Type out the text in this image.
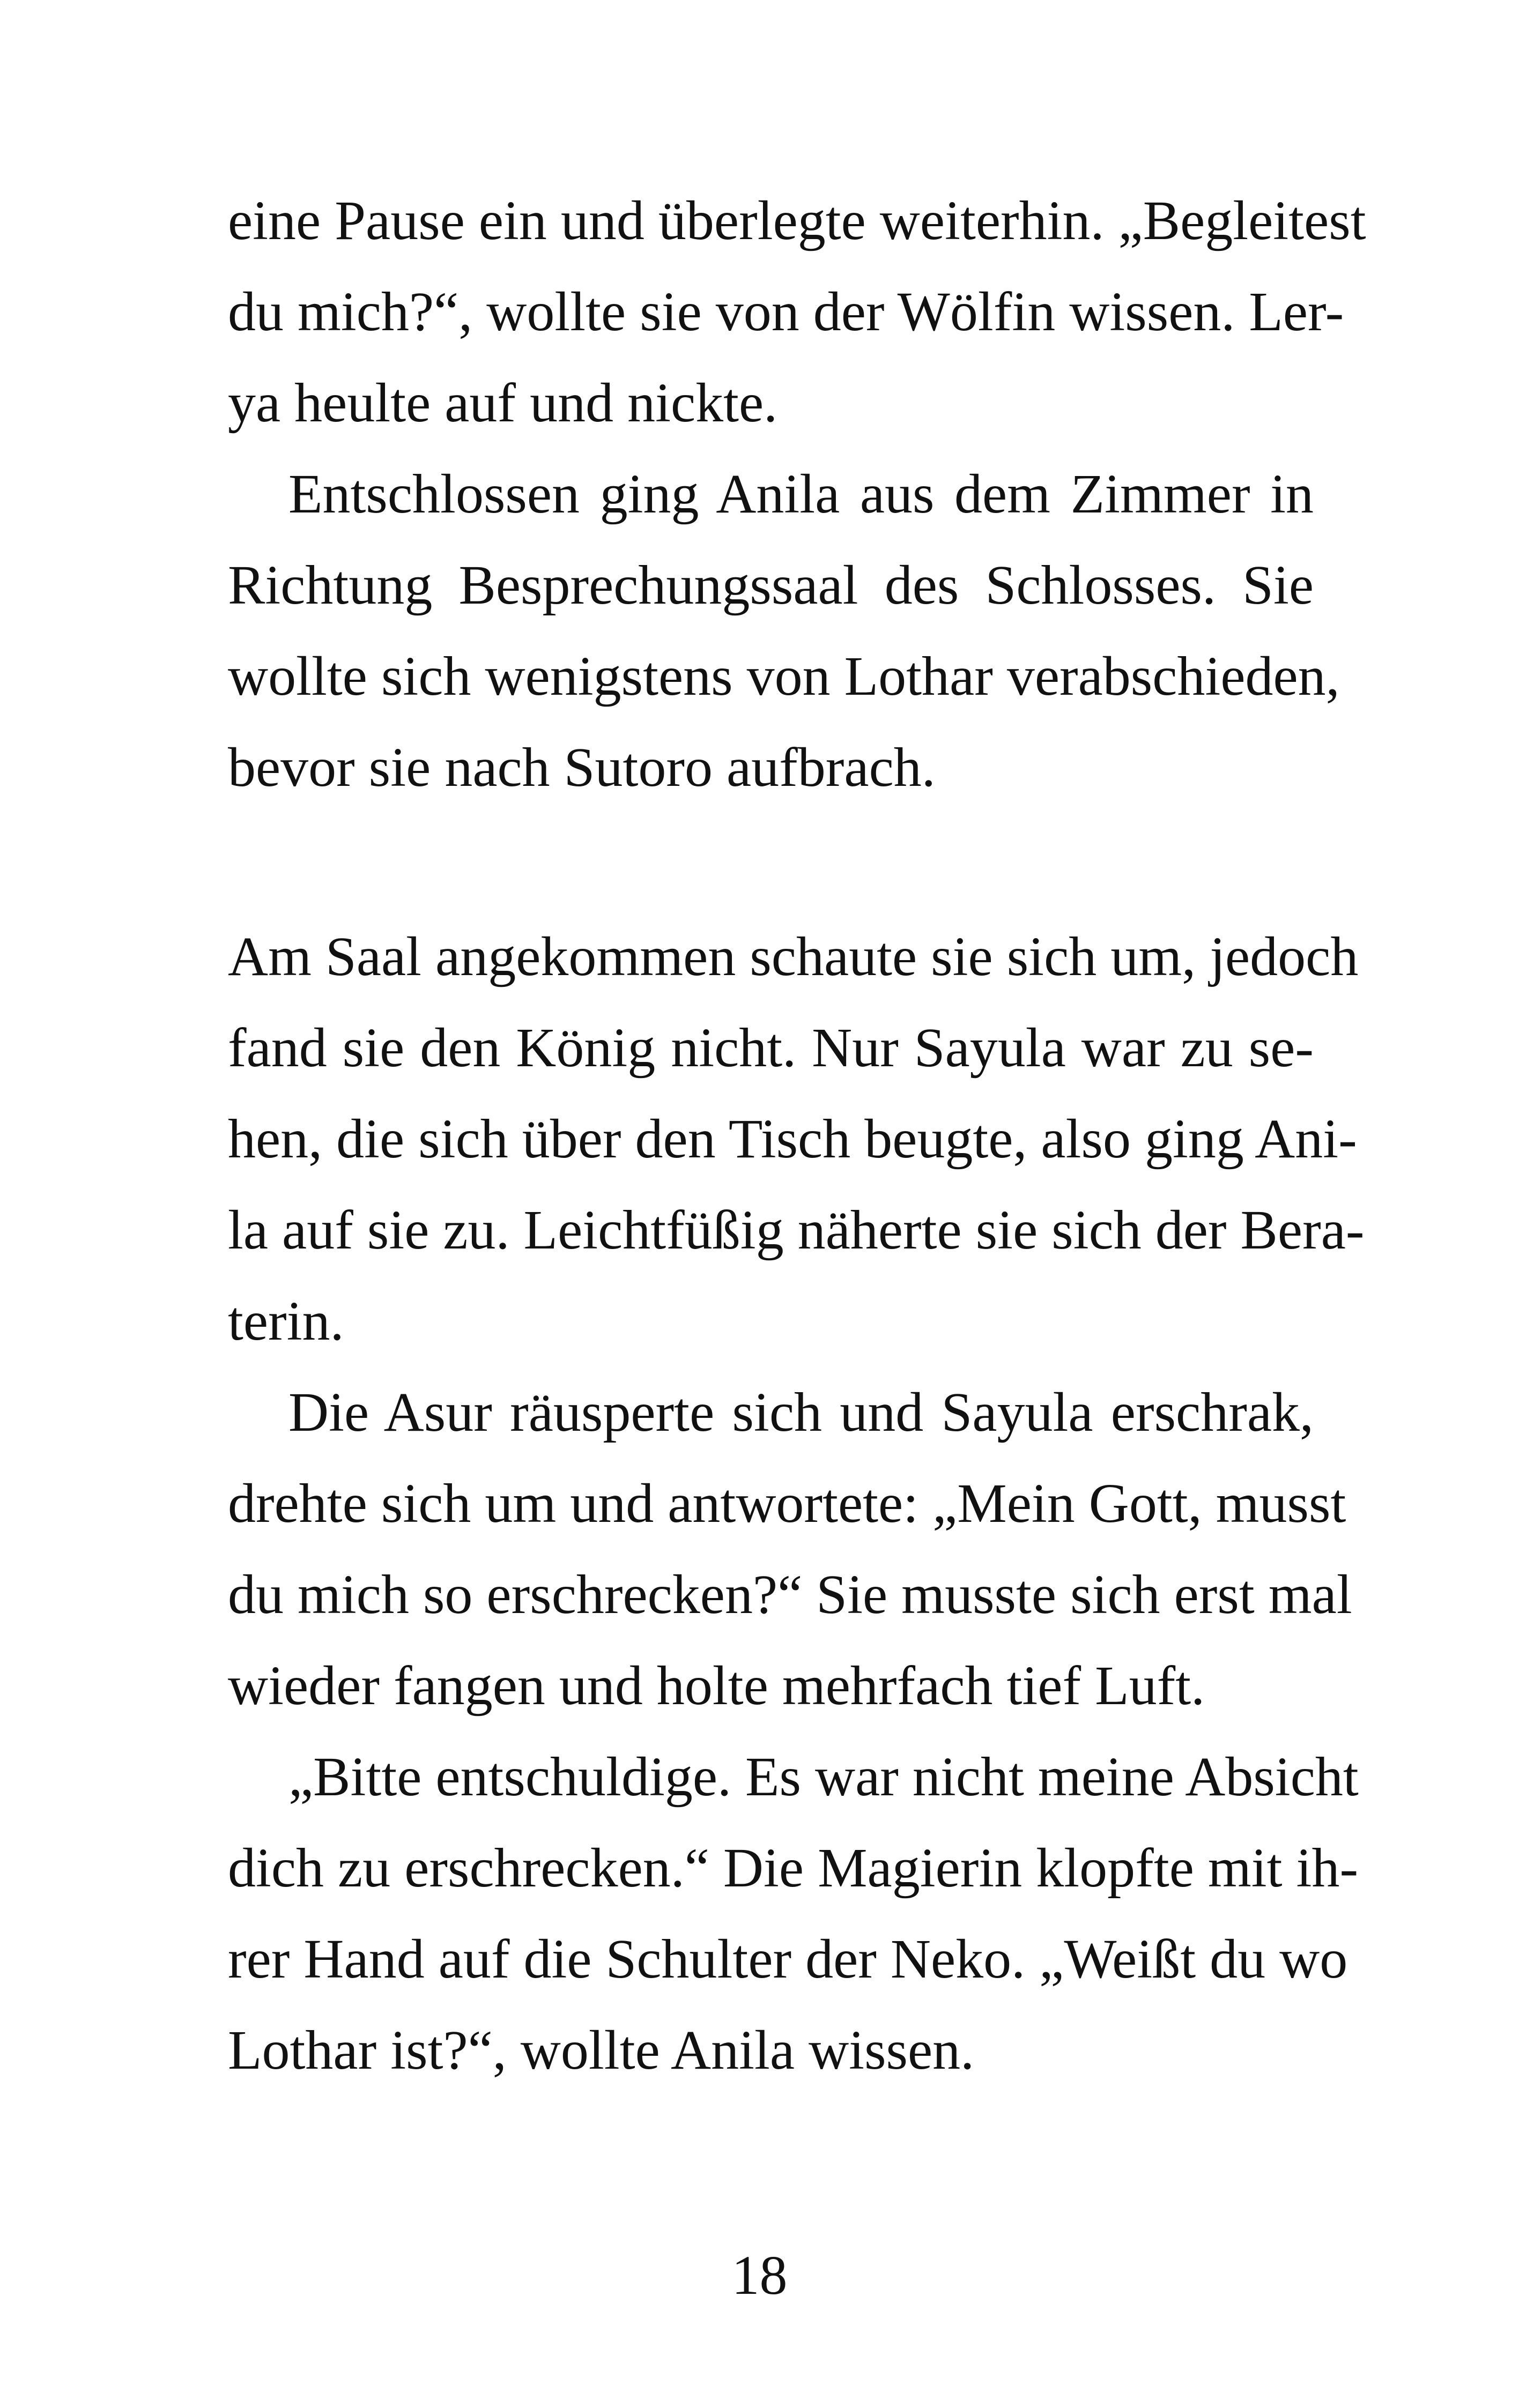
eine Pause ein und überlegte weiterhin. „Begleitest
du mich?“, wollte sie von der Wölfin wissen. Ler-
ya heulte auf und nickte.
Entschlossen ging Anila aus dem Zimmer in
Richtung Besprechungssaal des Schlosses. Sie
wollte sich wenigstens von Lothar verabschieden,
bevor sie nach Sutoro aufbrach.
Am Saal angekommen schaute sie sich um, jedoch
fand sie den König nicht. Nur Sayula war zu se-
hen, die sich über den Tisch beugte, also ging Ani-
la auf sie zu. Leichtfüßig näherte sie sich der Bera-
terin.
Die Asur räusperte sich und Sayula erschrak,
drehte sich um und antwortete: „Mein Gott, musst
du mich so erschrecken?“ Sie musste sich erst mal
wieder fangen und holte mehrfach tief Luft.
„Bitte entschuldige. Es war nicht meine Absicht
dich zu erschrecken.“ Die Magierin klopfte mit ih-
rer Hand auf die Schulter der Neko. „Weißt du wo
Lothar ist?“, wollte Anila wissen.
18
